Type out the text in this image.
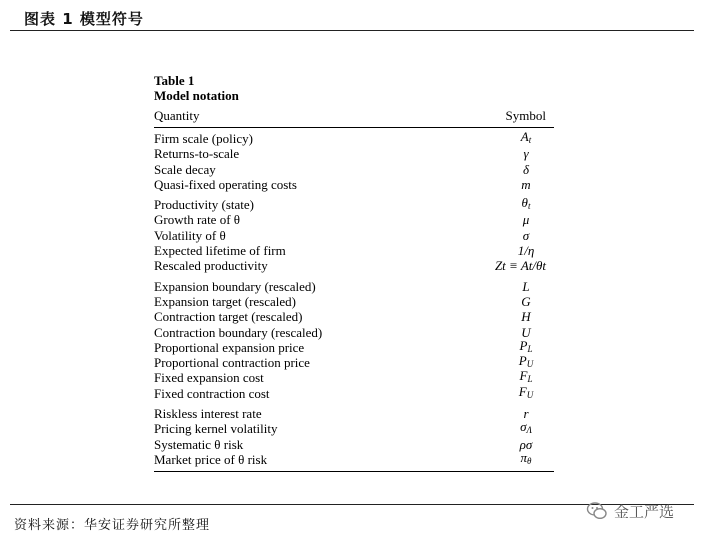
图表 1 模型符号
Table 1
Model notation
Quantity	Symbol
Firm scale (policy)	$A_t$
Returns-to-scale	γ
Scale decay	δ
Quasi-fixed operating costs	m
Productivity (state)	$\theta_t$
Growth rate of θ	μ
Volatility of θ	σ
Expected lifetime of firm	1/η
Rescaled productivity	Zt ≡ At/θt
Expansion boundary (rescaled)	L
Expansion target (rescaled)	G
Contraction target (rescaled)	H
Contraction boundary (rescaled)	U
Proportional expansion price	$P_L$
Proportional contraction price	$P_U$
Fixed expansion cost	$F_L$
Fixed contraction cost	$F_U$
Riskless interest rate	r
Pricing kernel volatility	$\sigma_\Lambda$
Systematic θ risk	ρσ
Market price of θ risk	$\pi_\theta$
资料来源：华安证券研究所整理
金工严选
